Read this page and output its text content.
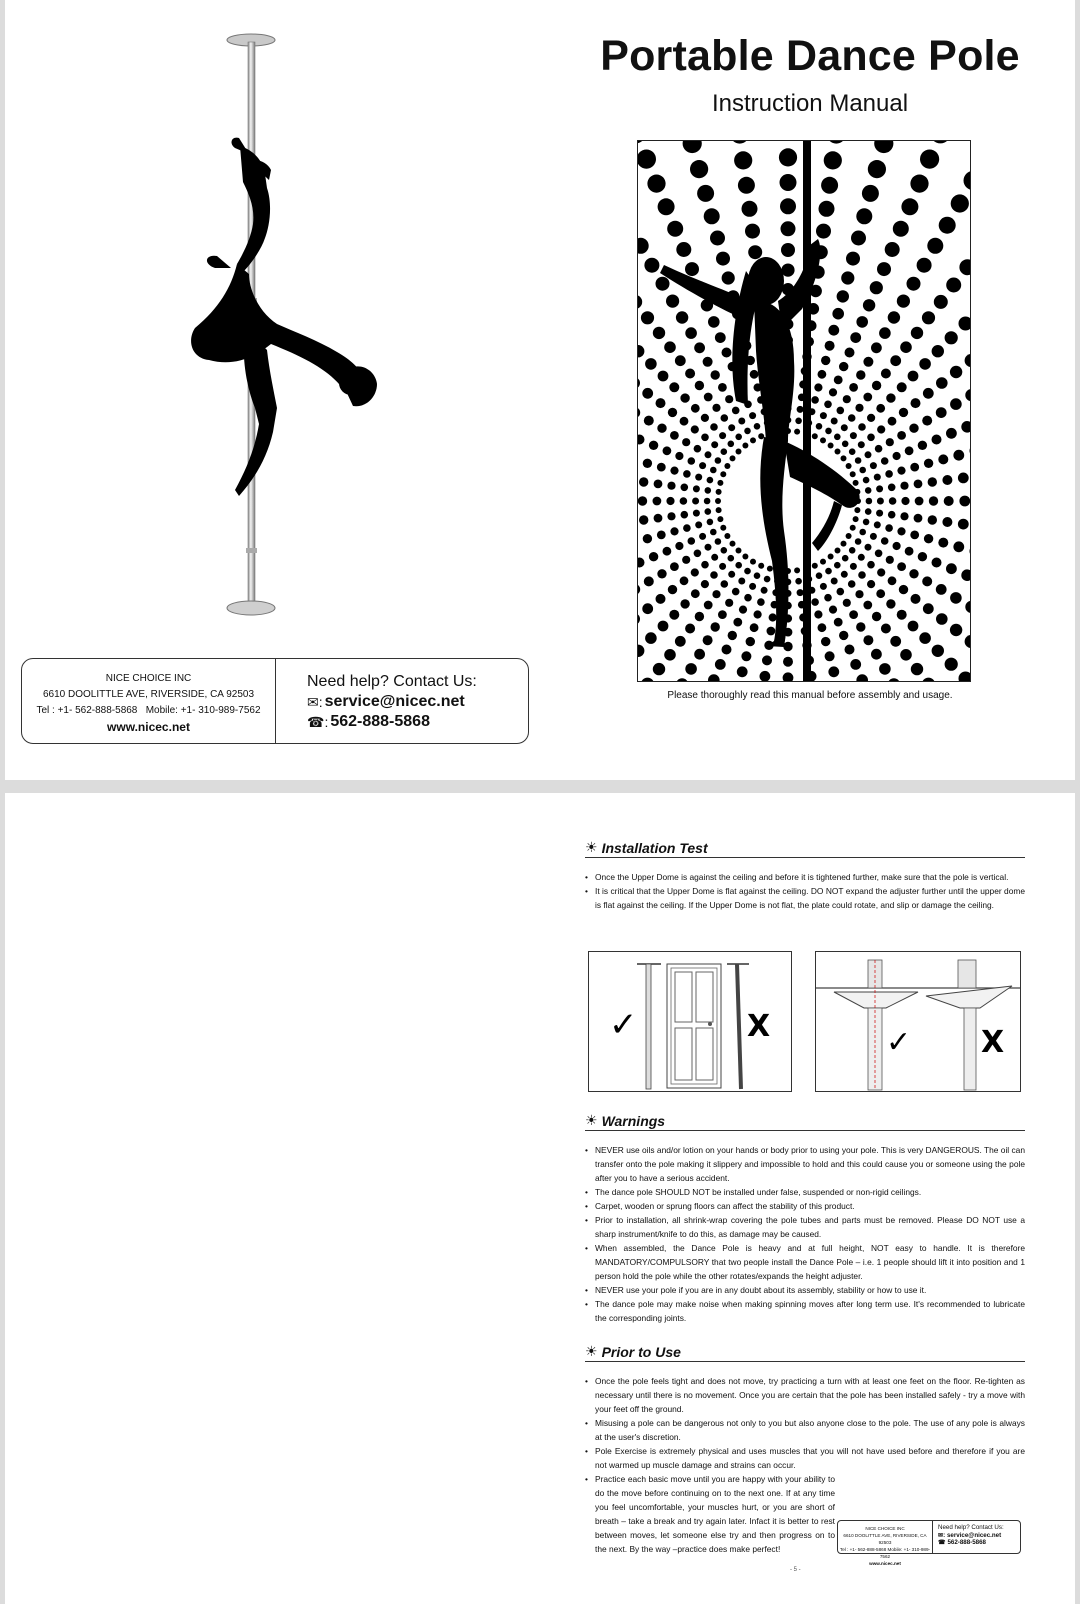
NICE CHOICE INC
6610 DOOLITTLE AVE, RIVERSIDE, CA 92503
Tel : +1- 562-888-5868   Mobile: +1- 310-989-7562
www.nicec.net
Need help? Contact Us:
✉: service@nicec.net
☎: 562-888-5868
Portable Dance Pole
Instruction Manual
Please thoroughly read this manual before assembly and usage.
☀ Installation Test
• Once the Upper Dome is against the ceiling and before it is tightened further, make sure that the pole is vertical.
• It is critical that the Upper Dome is flat against the ceiling. DO NOT expand the adjuster further until the upper dome is flat against the ceiling. If the Upper Dome is not flat, the plate could rotate, and slip or damage the ceiling.
✓	X	✓ X
☀ Warnings
• NEVER use oils and/or lotion on your hands or body prior to using your pole. This is very DANGEROUS. The oil can transfer onto the pole making it slippery and impossible to hold and this could cause you or someone using the pole after you to have a serious accident.
• The dance pole SHOULD NOT be installed under false, suspended or non-rigid ceilings.
• Carpet, wooden or sprung floors can affect the stability of this product.
• Prior to installation, all shrink-wrap covering the pole tubes and parts must be removed. Please DO NOT use a sharp instrument/knife to do this, as damage may be caused.
• When assembled, the Dance Pole is heavy and at full height, NOT easy to handle. It is therefore MANDATORY/COMPULSORY that two people install the Dance Pole – i.e. 1 people should lift it into position and 1 person hold the pole while the other rotates/expands the height adjuster.
• NEVER use your pole if you are in any doubt about its assembly, stability or how to use it.
• The dance pole may make noise when making spinning moves after long term use. It's recommended to lubricate the corresponding joints.
☀ Prior to Use
• Once the pole feels tight and does not move, try practicing a turn with at least one feet on the floor. Re-tighten as necessary until there is no movement. Once you are certain that the pole has been installed safely - try a move with your feet off the ground.
• Misusing a pole can be dangerous not only to you but also anyone close to the pole. The use of any pole is always at the user's discretion.
• Pole Exercise is extremely physical and uses muscles that you will not have used before and therefore if you are not warmed up muscle damage and strains can occur.
• Practice each basic move until you are happy with your ability to do the move before continuing on to the next one. If at any time you feel uncomfortable, your muscles hurt, or you are short of breath – take a break and try again later. Infact it is better to rest between moves, let someone else try and then progress on to the next. By the way –practice does make perfect!
NICE CHOICE INC
6610 DOOLITTLE AVE, RIVERSIDE, CA 92503
Tel : +1- 562-888-5868 Mobile: +1- 310-989-7562
www.nicec.net
Need help? Contact Us:
✉: service@nicec.net
☎ 562-888-5868
- 5 -
